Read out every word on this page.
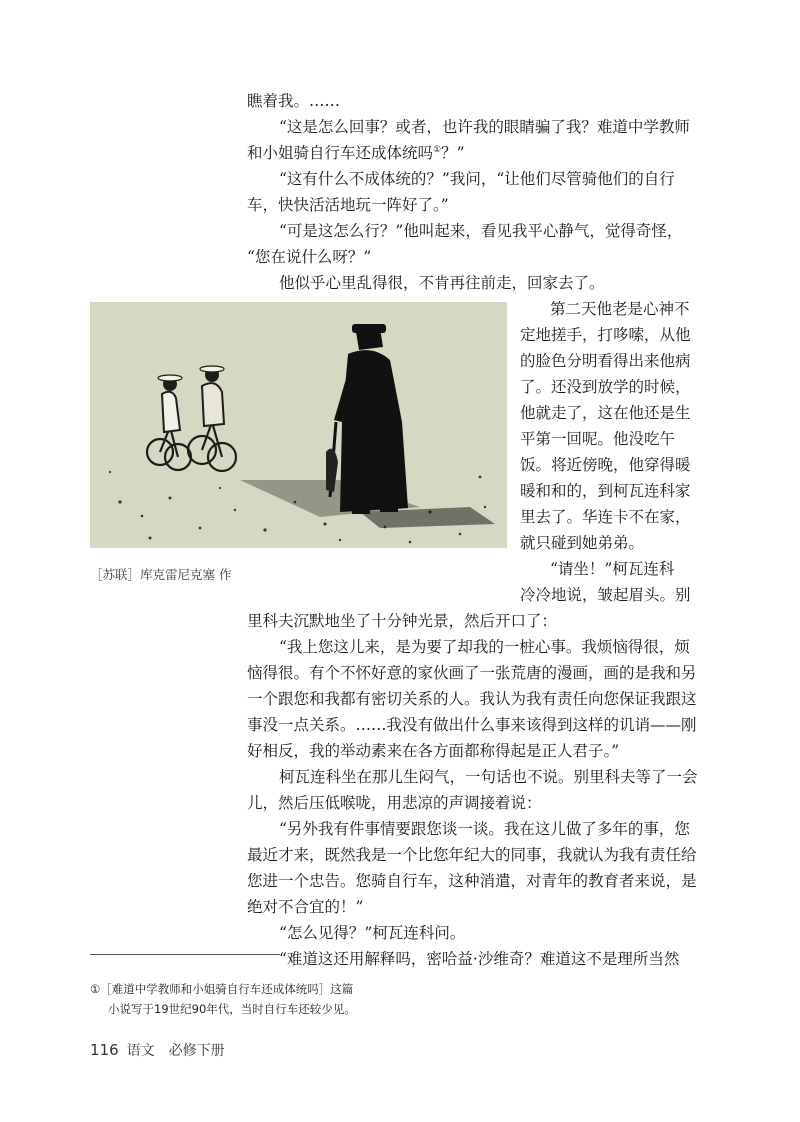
瞧着我。……

“这是怎么回事？或者，也许我的眼睛骗了我？难道中学教师

和小姐骑自行车还成体统吗①？”

“这有什么不成体统的？”我问，“让他们尽管骑他们的自行

车，快快活活地玩一阵好了。”

“可是这怎么行？”他叫起来，看见我平心静气，觉得奇怪，

“您在说什么呀？”

他似乎心里乱得很，不肯再往前走，回家去了。

［苏联］库克雷尼克塞 作

第二天他老是心神不

定地搓手，打哆嗦，从他

的脸色分明看得出来他病

了。还没到放学的时候，

他就走了，这在他还是生

平第一回呢。他没吃午

饭。将近傍晚，他穿得暖

暖和和的，到柯瓦连科家

里去了。华连卡不在家，

就只碰到她弟弟。

“请坐！”柯瓦连科

冷冷地说，皱起眉头。别

里科夫沉默地坐了十分钟光景，然后开口了：

“我上您这儿来，是为要了却我的一桩心事。我烦恼得很，烦

恼得很。有个不怀好意的家伙画了一张荒唐的漫画，画的是我和另

一个跟您和我都有密切关系的人。我认为我有责任向您保证我跟这

事没一点关系。……我没有做出什么事来该得到这样的讥诮——刚

好相反，我的举动素来在各方面都称得起是正人君子。”

柯瓦连科坐在那儿生闷气，一句话也不说。别里科夫等了一会

儿，然后压低喉咙，用悲凉的声调接着说：

“另外我有件事情要跟您谈一谈。我在这儿做了多年的事，您

最近才来，既然我是一个比您年纪大的同事，我就认为我有责任给

您进一个忠告。您骑自行车，这种消遣，对青年的教育者来说，是

绝对不合宜的！”

“怎么见得？”柯瓦连科问。

“难道这还用解释吗，密哈益·沙维奇？难道这不是理所当然

①［难道中学教师和小姐骑自行车还成体统吗］这篇

小说写于19世纪90年代，当时自行车还较少见。

116 语文　必修下册
